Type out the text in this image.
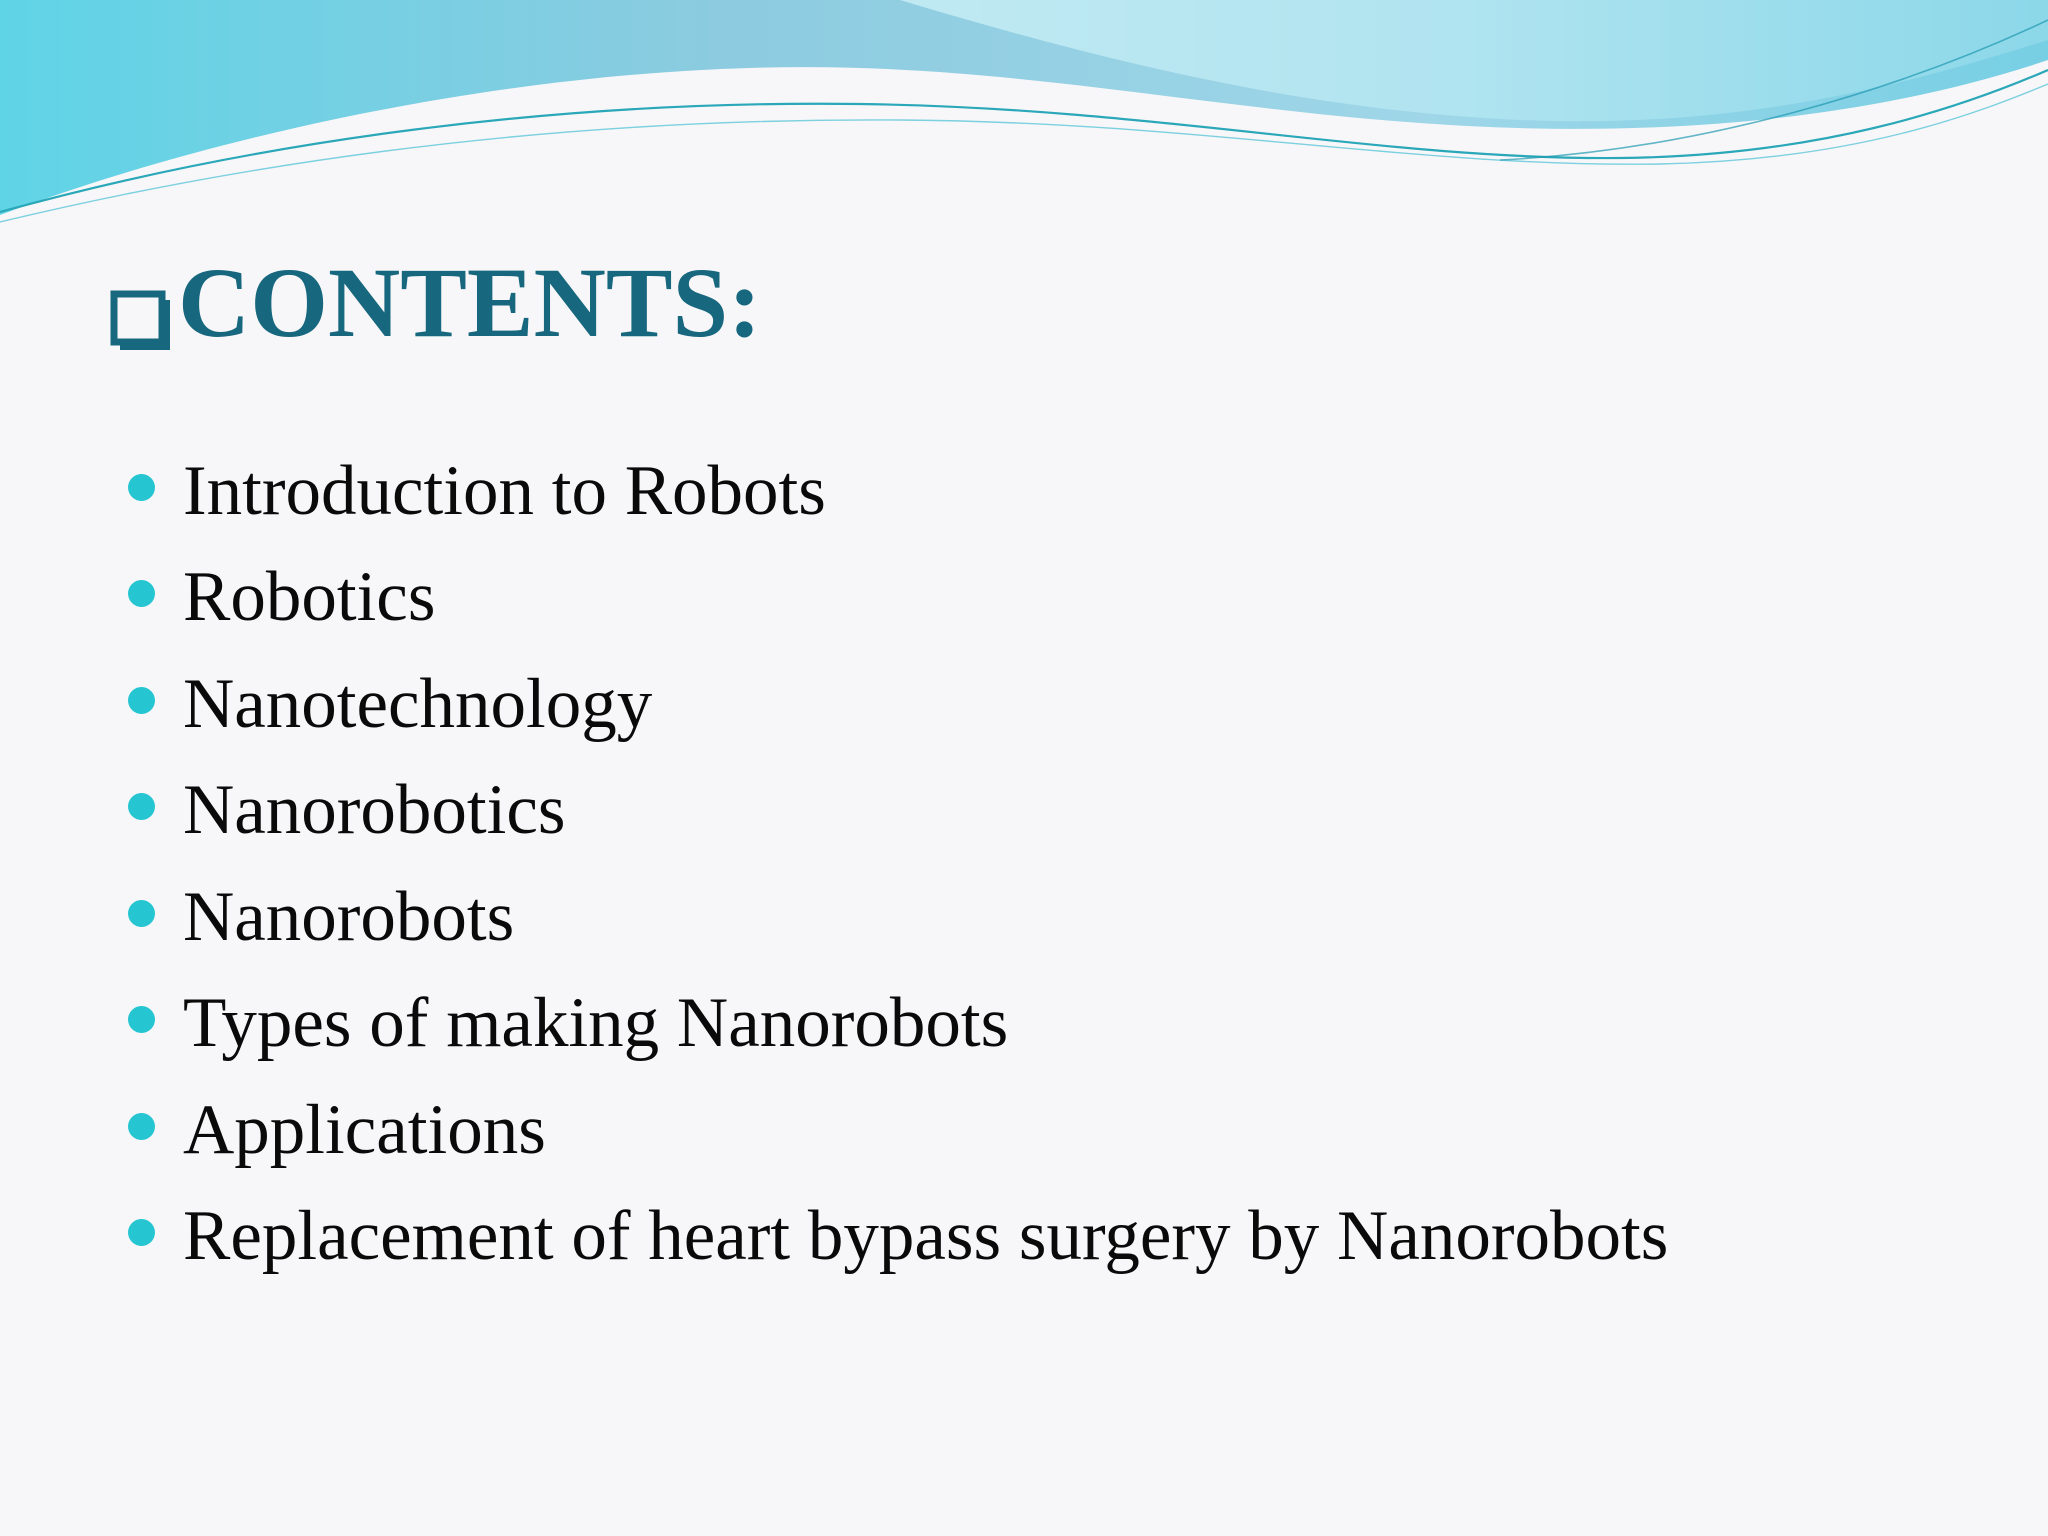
CONTENTS:
Introduction to Robots
Robotics
Nanotechnology
Nanorobotics
Nanorobots
Types of making Nanorobots
Applications
Replacement of heart bypass surgery by Nanorobots
